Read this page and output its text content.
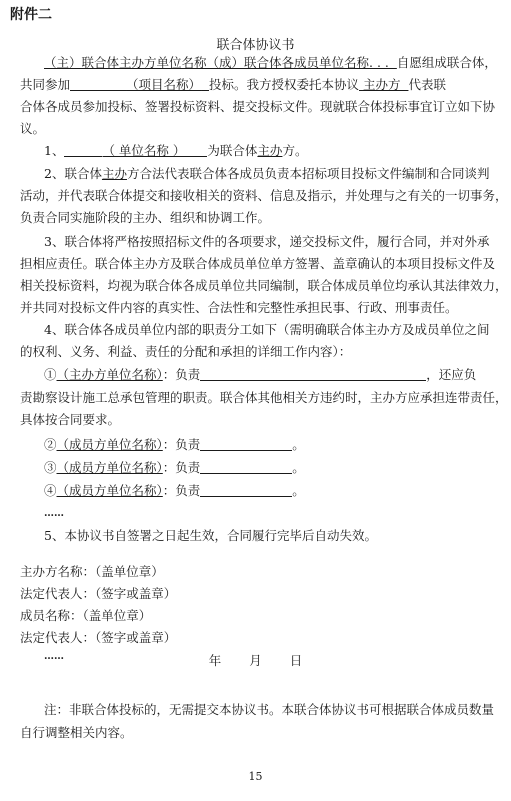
附件二
联合体协议书
（主）联合体主办方单位名称（成）联合体各成员单位名称. . .  自愿组成联合体，
共同参加	（项目名称） 投标。我方授权委托本协议 主办方 代表联
合体各成员参加投标、签署投标资料、提交投标文件。现就联合体投标事宜订立如下协
议。
1、	（ 单位名称 ） 为联合体主办方。
2、联合体主办方合法代表联合体各成员负责本招标项目投标文件编制和合同谈判
活动，并代表联合体提交和接收相关的资料、信息及指示，并处理与之有关的一切事务，
负责合同实施阶段的主办、组织和协调工作。
3、联合体将严格按照招标文件的各项要求，递交投标文件，履行合同，并对外承
担相应责任。联合体主办方及联合体成员单位单方签署、盖章确认的本项目投标文件及
相关投标资料，均视为联合体各成员单位共同编制，联合体成员单位均承认其法律效力，
并共同对投标文件内容的真实性、合法性和完整性承担民事、行政、刑事责任。
4、联合体各成员单位内部的职责分工如下（需明确联合体主办方及成员单位之间
的权利、义务、利益、责任的分配和承担的详细工作内容）：
①（主办方单位名称）：负责	，还应负
责勘察设计施工总承包管理的职责。联合体其他相关方违约时，主办方应承担连带责任，
具体按合同要求。
②（成员方单位名称）：负责	。
③（成员方单位名称）：负责	。
④（成员方单位名称）：负责	。
……
5、本协议书自签署之日起生效，合同履行完毕后自动失效。
主办方名称：（盖单位章）
法定代表人：（签字或盖章）
成员名称：（盖单位章）
法定代表人：（签字或盖章）
……	年 月 日
注：非联合体投标的，无需提交本协议书。本联合体协议书可根据联合体成员数量
自行调整相关内容。
15
